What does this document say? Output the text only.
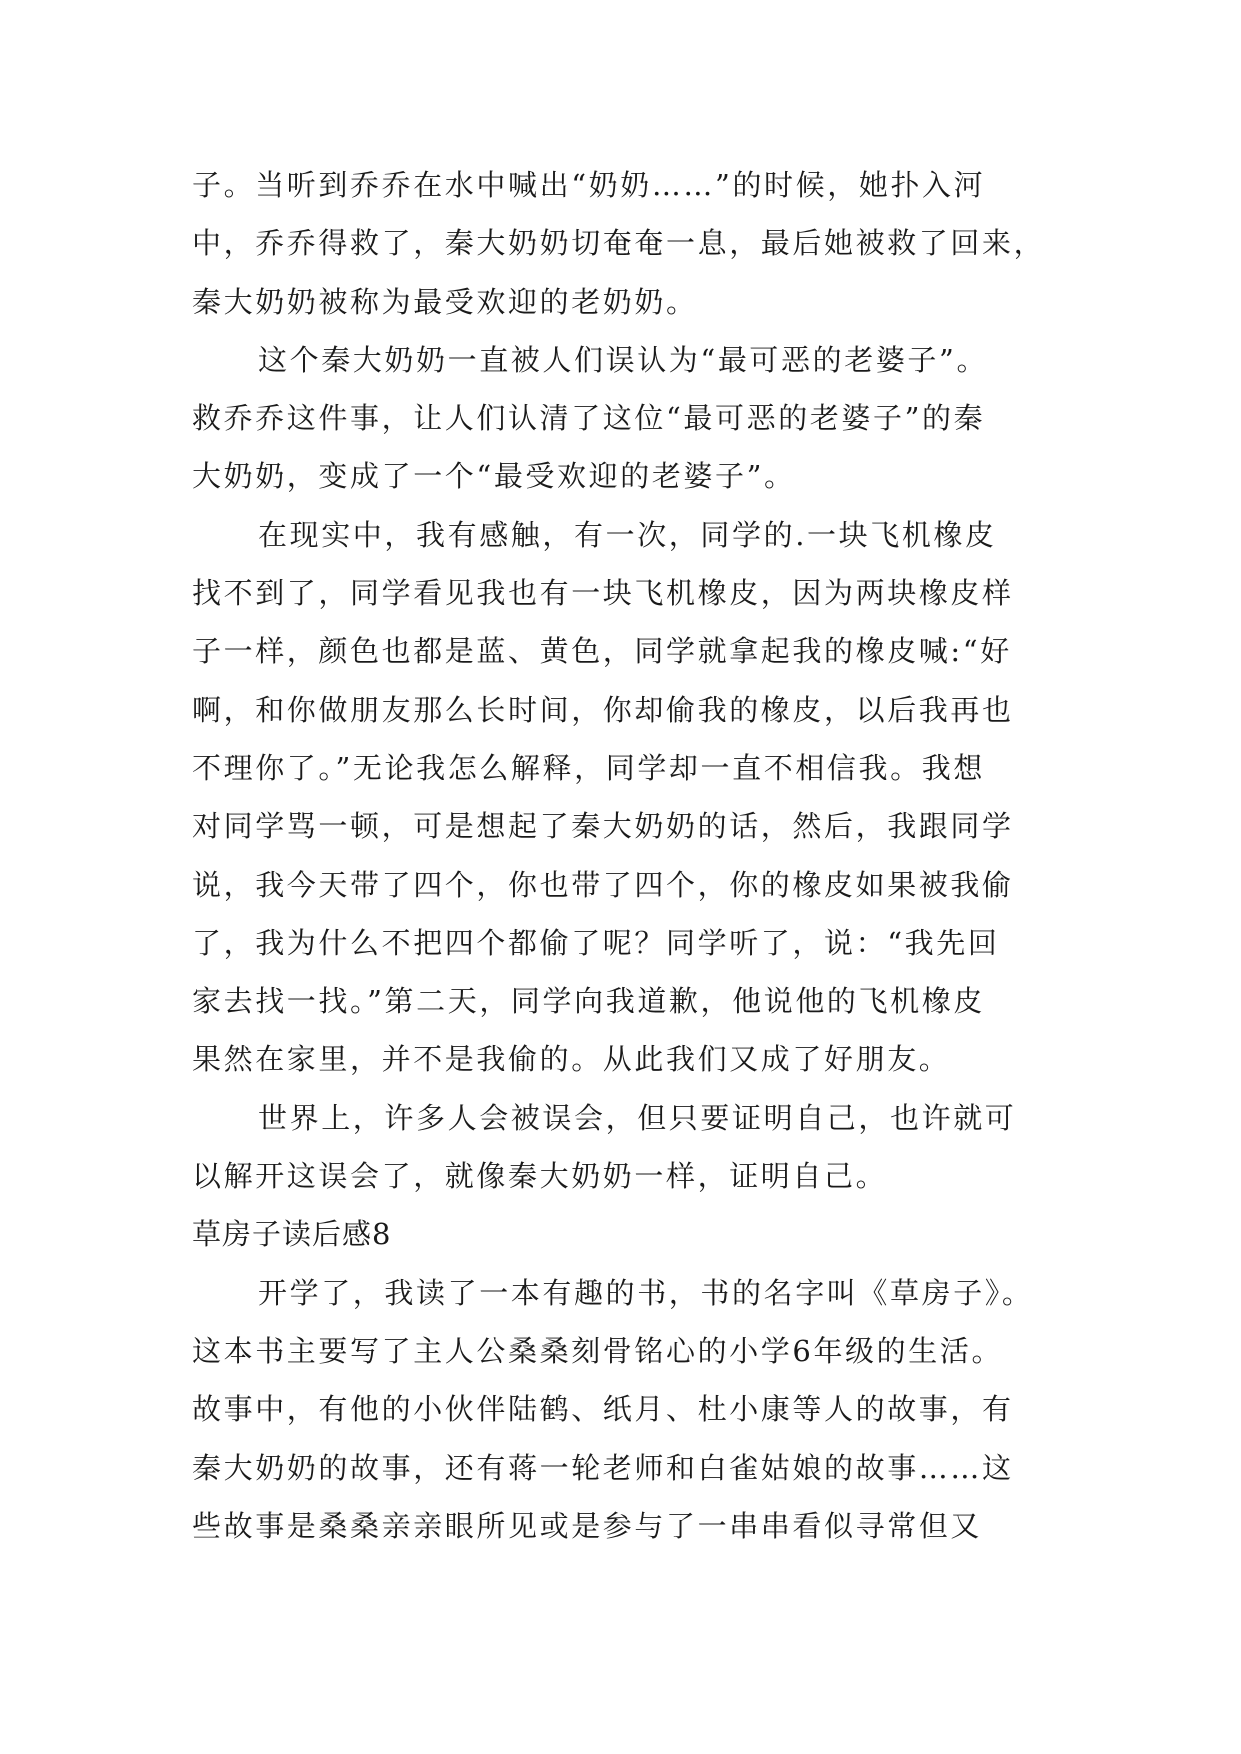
子。当听到乔乔在水中喊出“奶奶……”的时候，她扑入河
中，乔乔得救了，秦大奶奶切奄奄一息，最后她被救了回来，
秦大奶奶被称为最受欢迎的老奶奶。
这个秦大奶奶一直被人们误认为“最可恶的老婆子”。
救乔乔这件事，让人们认清了这位“最可恶的老婆子”的秦
大奶奶，变成了一个“最受欢迎的老婆子”。
在现实中，我有感触，有一次，同学的.一块飞机橡皮
找不到了，同学看见我也有一块飞机橡皮，因为两块橡皮样
子一样，颜色也都是蓝、黄色，同学就拿起我的橡皮喊:“好
啊，和你做朋友那么长时间，你却偷我的橡皮，以后我再也
不理你了。”无论我怎么解释，同学却一直不相信我。我想
对同学骂一顿，可是想起了秦大奶奶的话，然后，我跟同学
说，我今天带了四个，你也带了四个，你的橡皮如果被我偷
了，我为什么不把四个都偷了呢？同学听了，说：“我先回
家去找一找。”第二天，同学向我道歉，他说他的飞机橡皮
果然在家里，并不是我偷的。从此我们又成了好朋友。
世界上，许多人会被误会，但只要证明自己，也许就可
以解开这误会了，就像秦大奶奶一样，证明自己。
草房子读后感8
开学了，我读了一本有趣的书，书的名字叫《草房子》。
这本书主要写了主人公桑桑刻骨铭心的小学6年级的生活。
故事中，有他的小伙伴陆鹤、纸月、杜小康等人的故事，有
秦大奶奶的故事，还有蒋一轮老师和白雀姑娘的故事……这
些故事是桑桑亲亲眼所见或是参与了一串串看似寻常但又
